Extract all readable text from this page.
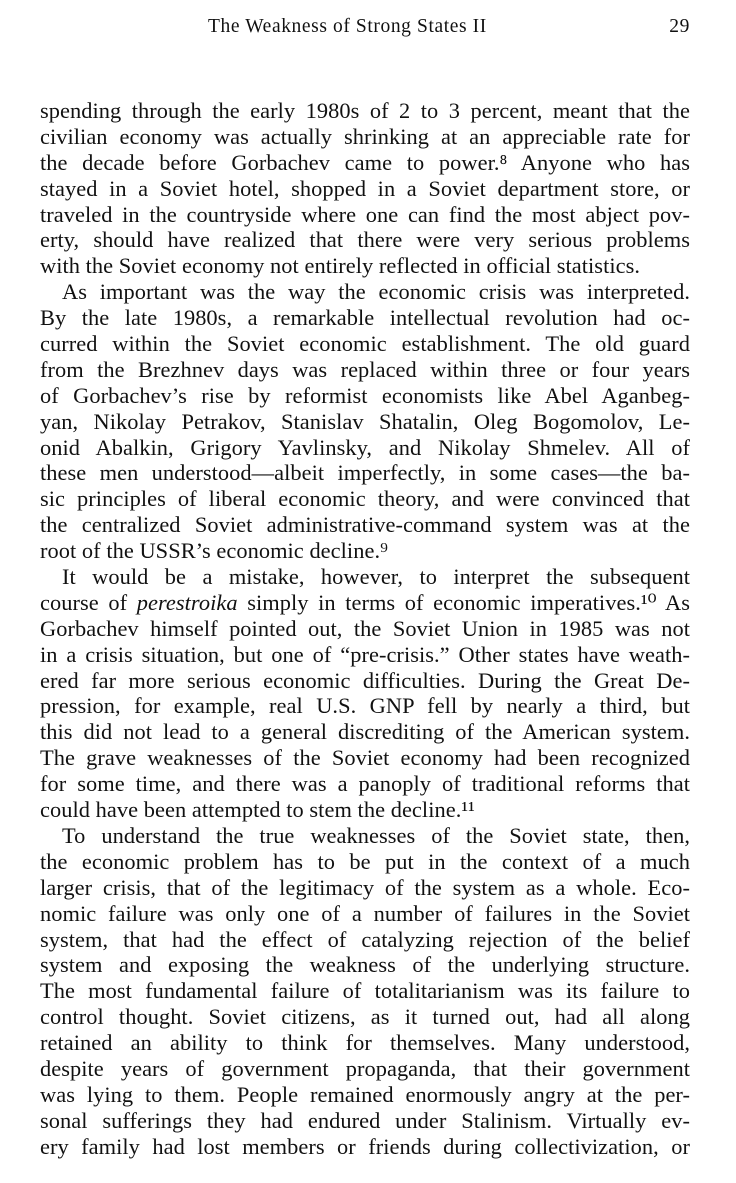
The Weakness of Strong States II	29
spending through the early 1980s of 2 to 3 percent, meant that the
civilian economy was actually shrinking at an appreciable rate for
the decade before Gorbachev came to power.⁸ Anyone who has
stayed in a Soviet hotel, shopped in a Soviet department store, or
traveled in the countryside where one can find the most abject pov-
erty, should have realized that there were very serious problems
with the Soviet economy not entirely reflected in official statistics.
As important was the way the economic crisis was interpreted.
By the late 1980s, a remarkable intellectual revolution had oc-
curred within the Soviet economic establishment. The old guard
from the Brezhnev days was replaced within three or four years
of Gorbachev’s rise by reformist economists like Abel Aganbeg-
yan, Nikolay Petrakov, Stanislav Shatalin, Oleg Bogomolov, Le-
onid Abalkin, Grigory Yavlinsky, and Nikolay Shmelev. All of
these men understood—albeit imperfectly, in some cases—the ba-
sic principles of liberal economic theory, and were convinced that
the centralized Soviet administrative-command system was at the
root of the USSR’s economic decline.⁹
It would be a mistake, however, to interpret the subsequent
course of perestroika simply in terms of economic imperatives.¹⁰ As
Gorbachev himself pointed out, the Soviet Union in 1985 was not
in a crisis situation, but one of “pre-crisis.” Other states have weath-
ered far more serious economic difficulties. During the Great De-
pression, for example, real U.S. GNP fell by nearly a third, but
this did not lead to a general discrediting of the American system.
The grave weaknesses of the Soviet economy had been recognized
for some time, and there was a panoply of traditional reforms that
could have been attempted to stem the decline.¹¹
To understand the true weaknesses of the Soviet state, then,
the economic problem has to be put in the context of a much
larger crisis, that of the legitimacy of the system as a whole. Eco-
nomic failure was only one of a number of failures in the Soviet
system, that had the effect of catalyzing rejection of the belief
system and exposing the weakness of the underlying structure.
The most fundamental failure of totalitarianism was its failure to
control thought. Soviet citizens, as it turned out, had all along
retained an ability to think for themselves. Many understood,
despite years of government propaganda, that their government
was lying to them. People remained enormously angry at the per-
sonal sufferings they had endured under Stalinism. Virtually ev-
ery family had lost members or friends during collectivization, or
